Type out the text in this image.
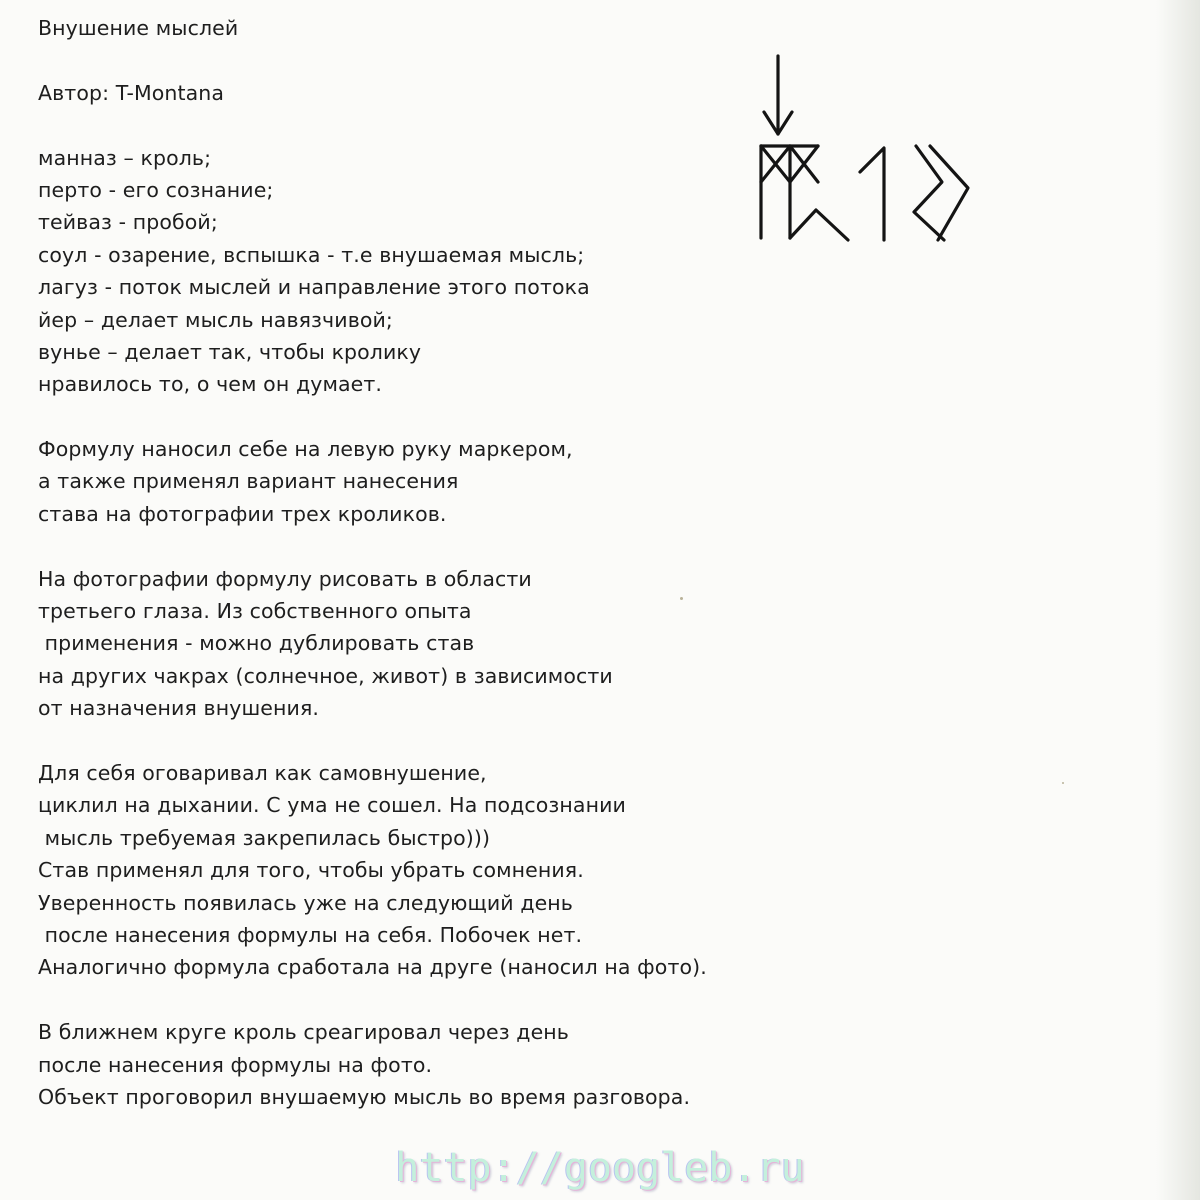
Внушение мыслей
Автор: T-Montana
манназ – кроль;
перто - его сознание;
тейваз - пробой;
соул - озарение, вспышка - т.е внушаемая мысль;
лагуз - поток мыслей и направление этого потока
йер – делает мысль навязчивой;
вунье – делает так, чтобы кролику
нравилось то, о чем он думает.
Формулу наносил себе на левую руку маркером,
а также применял вариант нанесения
става на фотографии трех кроликов.
На фотографии формулу рисовать в области
третьего глаза. Из собственного опыта
применения - можно дублировать став
на других чакрах (солнечное, живот) в зависимости
от назначения внушения.
Для себя оговаривал как самовнушение,
циклил на дыхании. С ума не сошел. На подсознании
мысль требуемая закрепилась быстро)))
Став применял для того, чтобы убрать сомнения.
Уверенность появилась уже на следующий день
после нанесения формулы на себя. Побочек нет.
Аналогично формула сработала на друге (наносил на фото).
В ближнем круге кроль среагировал через день
после нанесения формулы на фото.
Объект проговорил внушаемую мысль во время разговора.
http://googleb.ru
